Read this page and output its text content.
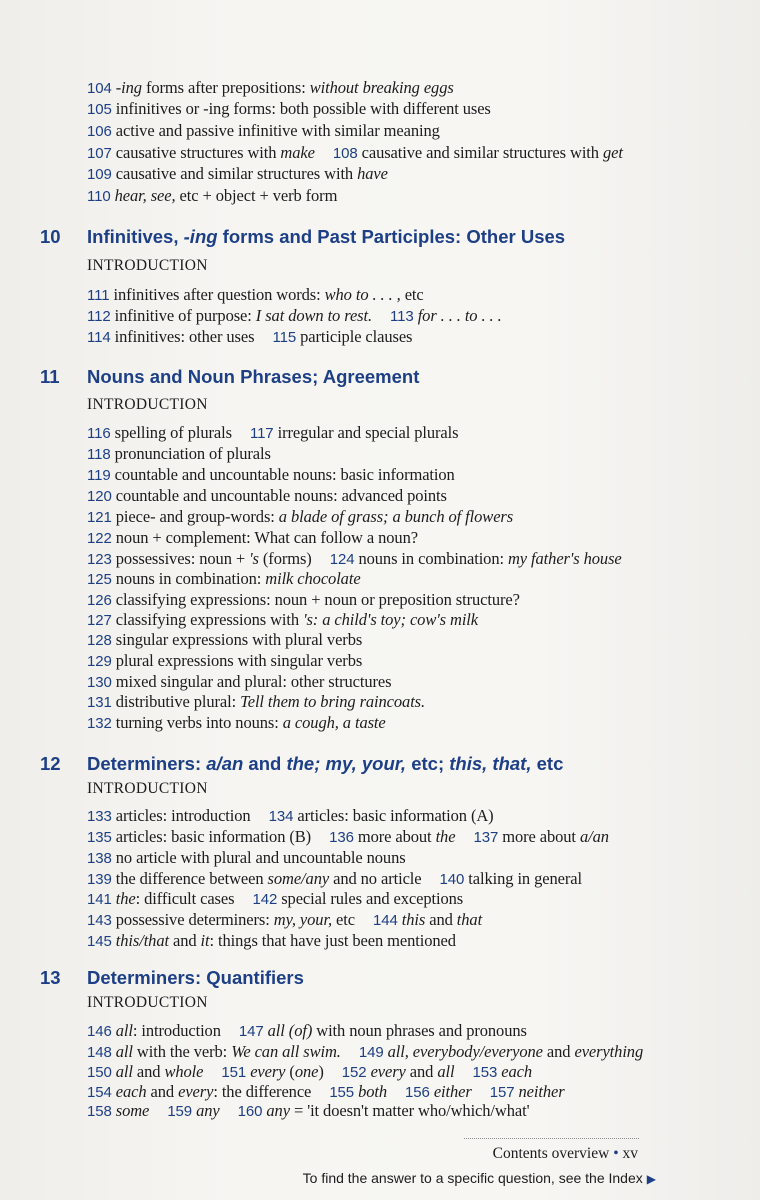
104 -ing forms after prepositions: without breaking eggs
105 infinitives or -ing forms: both possible with different uses
106 active and passive infinitive with similar meaning
107 causative structures with make 108 causative and similar structures with get
109 causative and similar structures with have
110 hear, see, etc + object + verb form
10 Infinitives, -ing forms and Past Participles: Other Uses
INTRODUCTION
111 infinitives after question words: who to . . . , etc
112 infinitive of purpose: I sat down to rest. 113 for . . . to . . .
114 infinitives: other uses 115 participle clauses
11 Nouns and Noun Phrases; Agreement
INTRODUCTION
116 spelling of plurals 117 irregular and special plurals
118 pronunciation of plurals
119 countable and uncountable nouns: basic information
120 countable and uncountable nouns: advanced points
121 piece- and group-words: a blade of grass; a bunch of flowers
122 noun + complement: What can follow a noun?
123 possessives: noun + 's (forms) 124 nouns in combination: my father's house
125 nouns in combination: milk chocolate
126 classifying expressions: noun + noun or preposition structure?
127 classifying expressions with 's: a child's toy; cow's milk
128 singular expressions with plural verbs
129 plural expressions with singular verbs
130 mixed singular and plural: other structures
131 distributive plural: Tell them to bring raincoats.
132 turning verbs into nouns: a cough, a taste
12 Determiners: a/an and the; my, your, etc; this, that, etc
INTRODUCTION
133 articles: introduction 134 articles: basic information (A)
135 articles: basic information (B) 136 more about the 137 more about a/an
138 no article with plural and uncountable nouns
139 the difference between some/any and no article 140 talking in general
141 the: difficult cases 142 special rules and exceptions
143 possessive determiners: my, your, etc 144 this and that
145 this/that and it: things that have just been mentioned
13 Determiners: Quantifiers
INTRODUCTION
146 all: introduction 147 all (of) with noun phrases and pronouns
148 all with the verb: We can all swim. 149 all, everybody/everyone and everything
150 all and whole 151 every (one) 152 every and all 153 each
154 each and every: the difference 155 both 156 either 157 neither
158 some 159 any 160 any = 'it doesn't matter who/which/what'
Contents overview • xv
To find the answer to a specific question, see the Index ▶
